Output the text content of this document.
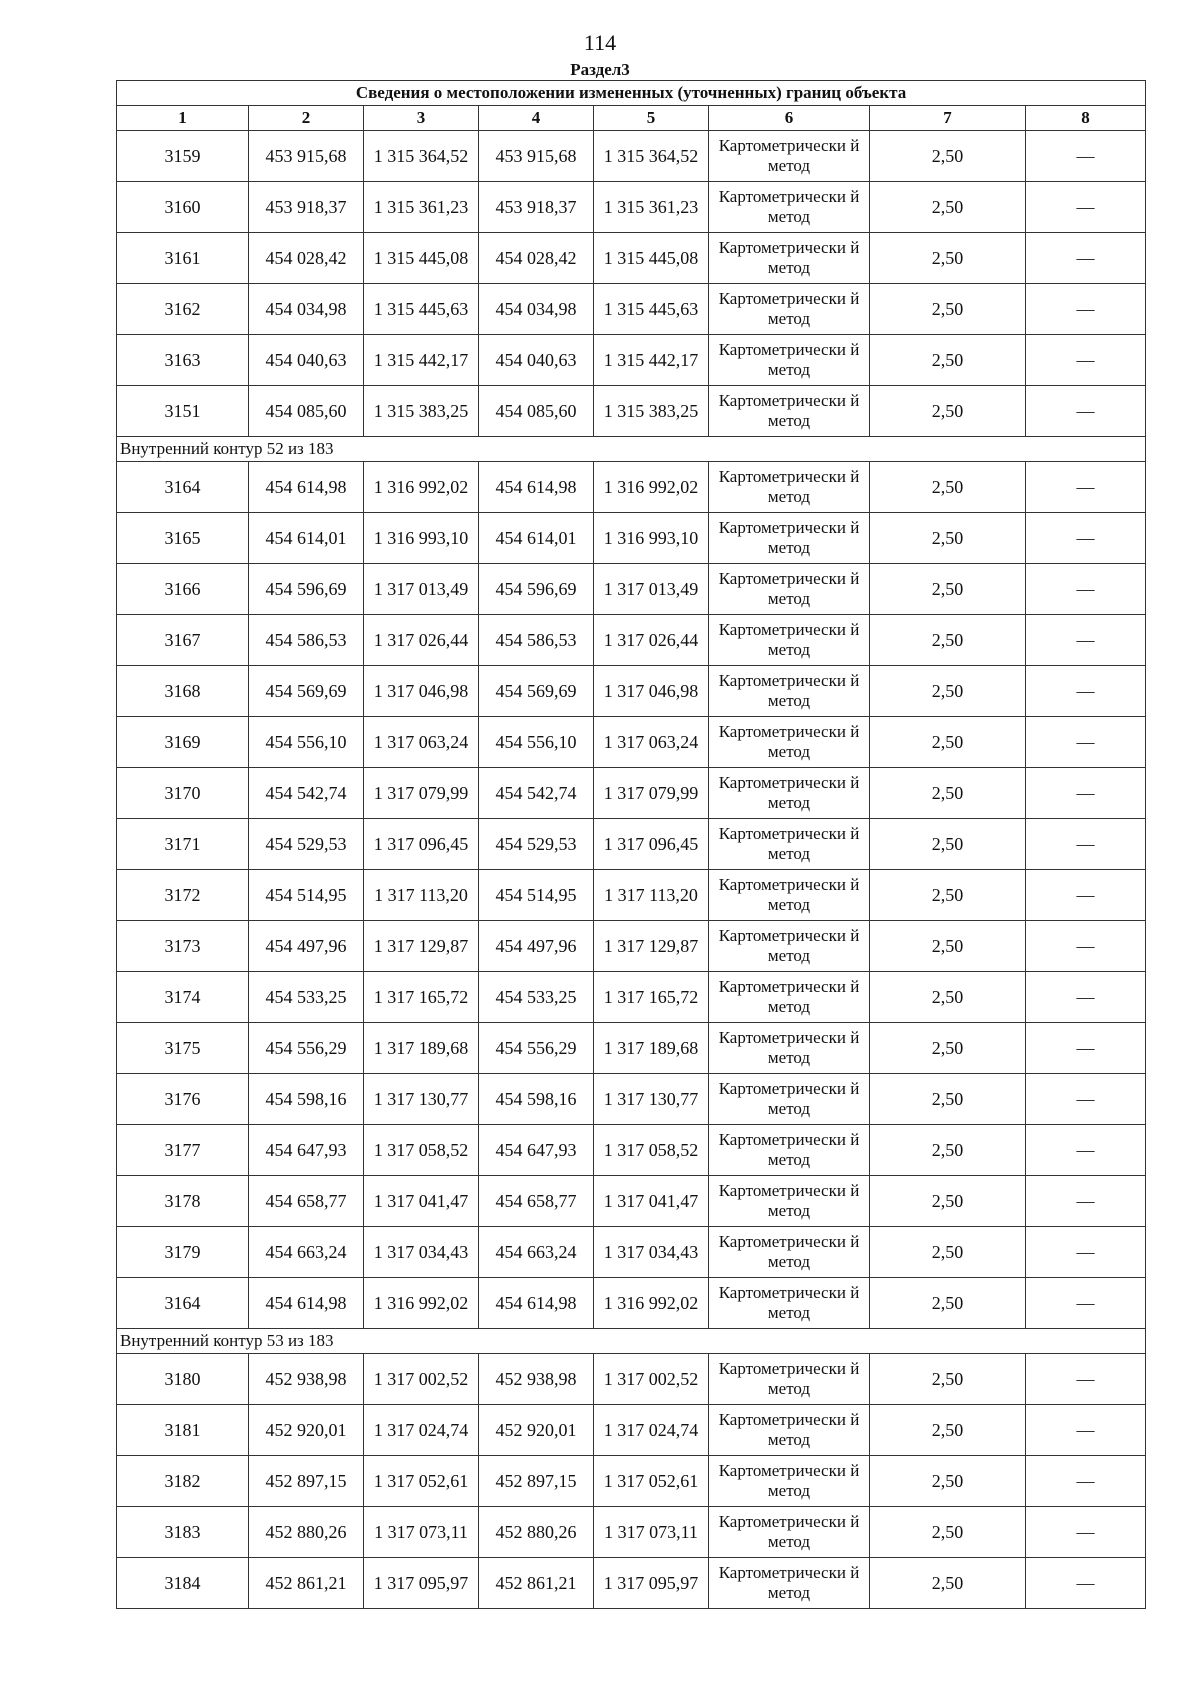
114
Раздел3
Сведения о местоположении измененных (уточненных) границ объекта							
1	2	3	4	5	6	7	8
3159	453 915,68	1 315 364,52	453 915,68	1 315 364,52	Картометрически й метод	2,50	—
3160	453 918,37	1 315 361,23	453 918,37	1 315 361,23	Картометрически й метод	2,50	—
3161	454 028,42	1 315 445,08	454 028,42	1 315 445,08	Картометрически й метод	2,50	—
3162	454 034,98	1 315 445,63	454 034,98	1 315 445,63	Картометрически й метод	2,50	—
3163	454 040,63	1 315 442,17	454 040,63	1 315 442,17	Картометрически й метод	2,50	—
3151	454 085,60	1 315 383,25	454 085,60	1 315 383,25	Картометрически й метод	2,50	—
Внутренний контур 52 из 183							
3164	454 614,98	1 316 992,02	454 614,98	1 316 992,02	Картометрически й метод	2,50	—
3165	454 614,01	1 316 993,10	454 614,01	1 316 993,10	Картометрически й метод	2,50	—
3166	454 596,69	1 317 013,49	454 596,69	1 317 013,49	Картометрически й метод	2,50	—
3167	454 586,53	1 317 026,44	454 586,53	1 317 026,44	Картометрически й метод	2,50	—
3168	454 569,69	1 317 046,98	454 569,69	1 317 046,98	Картометрически й метод	2,50	—
3169	454 556,10	1 317 063,24	454 556,10	1 317 063,24	Картометрически й метод	2,50	—
3170	454 542,74	1 317 079,99	454 542,74	1 317 079,99	Картометрически й метод	2,50	—
3171	454 529,53	1 317 096,45	454 529,53	1 317 096,45	Картометрически й метод	2,50	—
3172	454 514,95	1 317 113,20	454 514,95	1 317 113,20	Картометрически й метод	2,50	—
3173	454 497,96	1 317 129,87	454 497,96	1 317 129,87	Картометрически й метод	2,50	—
3174	454 533,25	1 317 165,72	454 533,25	1 317 165,72	Картометрически й метод	2,50	—
3175	454 556,29	1 317 189,68	454 556,29	1 317 189,68	Картометрически й метод	2,50	—
3176	454 598,16	1 317 130,77	454 598,16	1 317 130,77	Картометрически й метод	2,50	—
3177	454 647,93	1 317 058,52	454 647,93	1 317 058,52	Картометрически й метод	2,50	—
3178	454 658,77	1 317 041,47	454 658,77	1 317 041,47	Картометрически й метод	2,50	—
3179	454 663,24	1 317 034,43	454 663,24	1 317 034,43	Картометрически й метод	2,50	—
3164	454 614,98	1 316 992,02	454 614,98	1 316 992,02	Картометрически й метод	2,50	—
Внутренний контур 53 из 183							
3180	452 938,98	1 317 002,52	452 938,98	1 317 002,52	Картометрически й метод	2,50	—
3181	452 920,01	1 317 024,74	452 920,01	1 317 024,74	Картометрически й метод	2,50	—
3182	452 897,15	1 317 052,61	452 897,15	1 317 052,61	Картометрически й метод	2,50	—
3183	452 880,26	1 317 073,11	452 880,26	1 317 073,11	Картометрически й метод	2,50	—
3184	452 861,21	1 317 095,97	452 861,21	1 317 095,97	Картометрически й метод	2,50	—
